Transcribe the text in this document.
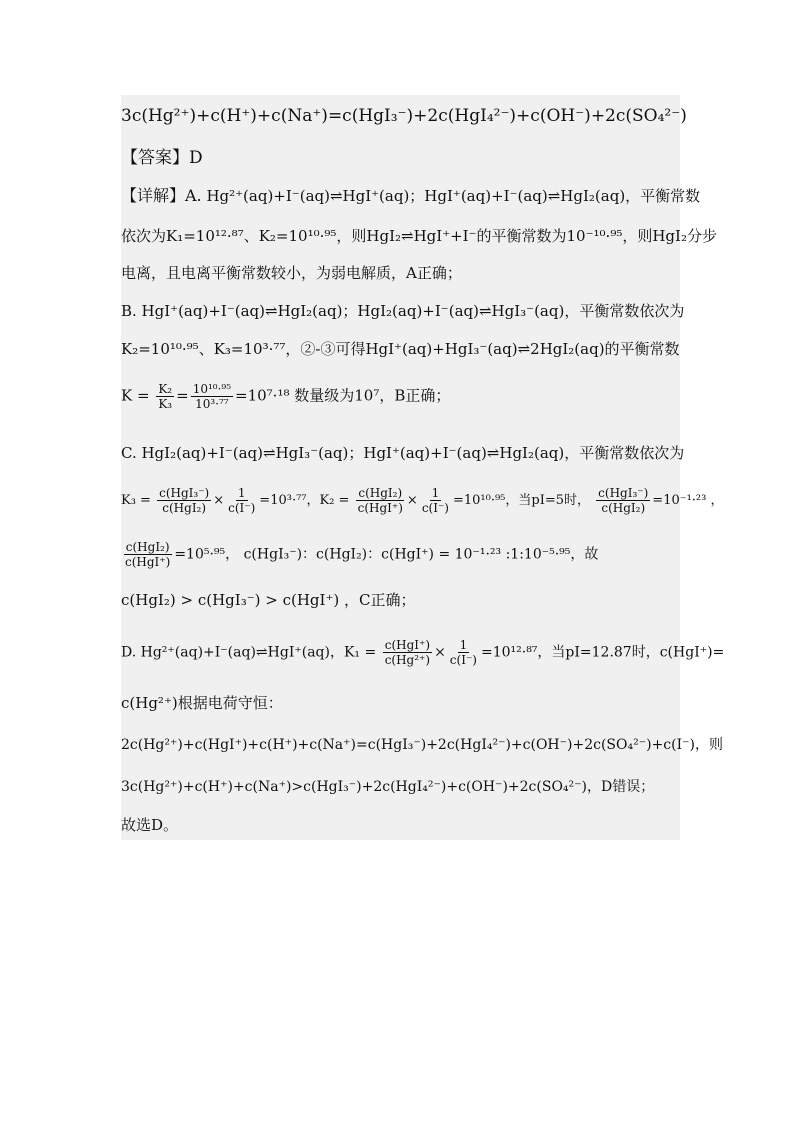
3c(Hg²⁺)+c(H⁺)+c(Na⁺)=c(HgI₃⁻)+2c(HgI₄²⁻)+c(OH⁻)+2c(SO₄²⁻)
【答案】D
【详解】A. Hg²⁺(aq)+I⁻(aq)⇌HgI⁺(aq)；HgI⁺(aq)+I⁻(aq)⇌HgI₂(aq)，平衡常数
依次为K₁=10¹²·⁸⁷、K₂=10¹⁰·⁹⁵，则HgI₂⇌HgI⁺+I⁻的平衡常数为10⁻¹⁰·⁹⁵，则HgI₂分步
电离，且电离平衡常数较小，为弱电解质，A正确；
B. HgI⁺(aq)+I⁻(aq)⇌HgI₂(aq)；HgI₂(aq)+I⁻(aq)⇌HgI₃⁻(aq)，平衡常数依次为
K₂=10¹⁰·⁹⁵、K₃=10³·⁷⁷，②-③可得HgI⁺(aq)+HgI₃⁻(aq)⇌2HgI₂(aq)的平衡常数
$K = \frac{\text{K₂}}{\text{K₃}} = \frac{\text{10¹⁰·⁹⁵}}{\text{10³·⁷⁷}} =10^7\cdot^{18}$ 数量级为10⁷，B正确；
C. HgI₂(aq)+I⁻(aq)⇌HgI₃⁻(aq)；HgI⁺(aq)+I⁻(aq)⇌HgI₂(aq)，平衡常数依次为
$K_3 = \frac{\text{c(HgI₃⁻)}}{\text{c(HgI₂)}} \times \frac{1}{c(I^-)} =10^3\cdot^{77}$，$K_2 = \frac{\text{c(HgI₂)}}{\text{c(HgI⁺)}} \times \frac{1}{c(I^-)} =10^{10}\cdot^{95}$，当pI=5时， $\frac{\text{c(HgI₃⁻)}}{\text{c(HgI₂)}} =10^{-1}\cdot^{23}$ ，
$\frac{\text{c(HgI₂)}}{\text{c(HgI⁺)}} =10^5\cdot^{95}$， c(HgI₃⁻)：c(HgI₂)：c(HgI⁺) = 10⁻¹·²³ :1:10⁻⁵·⁹⁵，故
c(HgI₂) > c(HgI₃⁻) > c(HgI⁺) ，C正确；
D. Hg²⁺(aq)+I⁻(aq)⇌HgI⁺(aq)，$K_1 = \frac{\text{c(HgI⁺)}}{\text{c(Hg²⁺)}} \times \frac{1}{c(I^-)} =10^{12}\cdot^{87}$，当pI=12.87时，c(HgI⁺)=
c(Hg²⁺)根据电荷守恒：
2c(Hg²⁺)+c(HgI⁺)+c(H⁺)+c(Na⁺)=c(HgI₃⁻)+2c(HgI₄²⁻)+c(OH⁻)+2c(SO₄²⁻)+c(I⁻)，则
3c(Hg²⁺)+c(H⁺)+c(Na⁺)>c(HgI₃⁻)+2c(HgI₄²⁻)+c(OH⁻)+2c(SO₄²⁻)，D错误；
故选D。
